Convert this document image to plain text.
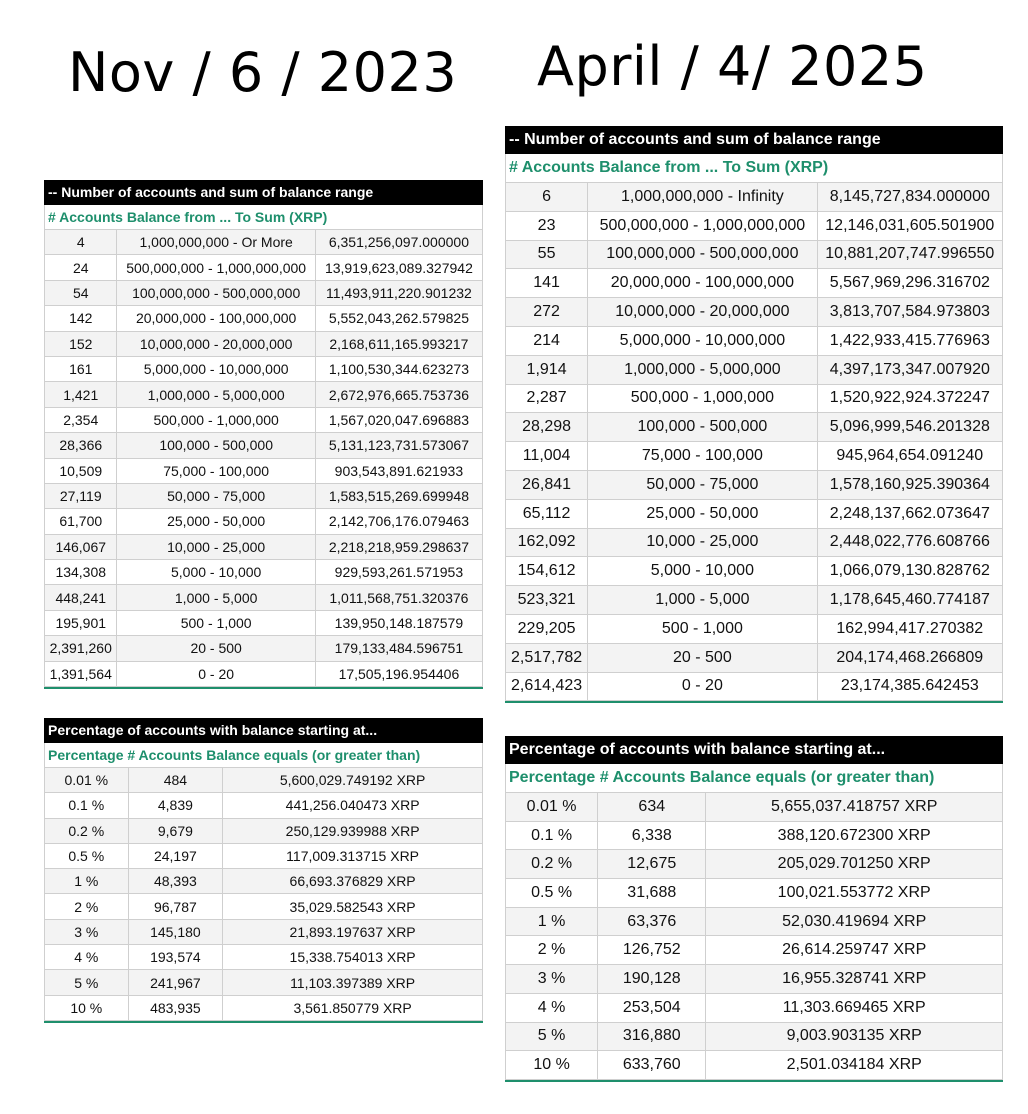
Nov / 6 / 2023 April / 4/ 2025
-- Number of accounts and sum of balance range
# Accounts Balance from ... To Sum (XRP)
4	1,000,000,000 - Or More	6,351,256,097.000000
24	500,000,000 - 1,000,000,000	13,919,623,089.327942
54	100,000,000 - 500,000,000	11,493,911,220.901232
142	20,000,000 - 100,000,000	5,552,043,262.579825
152	10,000,000 - 20,000,000	2,168,611,165.993217
161	5,000,000 - 10,000,000	1,100,530,344.623273
1,421	1,000,000 - 5,000,000	2,672,976,665.753736
2,354	500,000 - 1,000,000	1,567,020,047.696883
28,366	100,000 - 500,000	5,131,123,731.573067
10,509	75,000 - 100,000	903,543,891.621933
27,119	50,000 - 75,000	1,583,515,269.699948
61,700	25,000 - 50,000	2,142,706,176.079463
146,067	10,000 - 25,000	2,218,218,959.298637
134,308	5,000 - 10,000	929,593,261.571953
448,241	1,000 - 5,000	1,011,568,751.320376
195,901	500 - 1,000	139,950,148.187579
2,391,260	20 - 500	179,133,484.596751
1,391,564	0 - 20	17,505,196.954406
Percentage of accounts with balance starting at...
Percentage # Accounts Balance equals (or greater than)
0.01 %	484	5,600,029.749192 XRP
0.1 %	4,839	441,256.040473 XRP
0.2 %	9,679	250,129.939988 XRP
0.5 %	24,197	117,009.313715 XRP
1 %	48,393	66,693.376829 XRP
2 %	96,787	35,029.582543 XRP
3 %	145,180	21,893.197637 XRP
4 %	193,574	15,338.754013 XRP
5 %	241,967	11,103.397389 XRP
10 %	483,935	3,561.850779 XRP
-- Number of accounts and sum of balance range
# Accounts Balance from ... To Sum (XRP)
6	1,000,000,000 - Infinity	8,145,727,834.000000
23	500,000,000 - 1,000,000,000	12,146,031,605.501900
55	100,000,000 - 500,000,000	10,881,207,747.996550
141	20,000,000 - 100,000,000	5,567,969,296.316702
272	10,000,000 - 20,000,000	3,813,707,584.973803
214	5,000,000 - 10,000,000	1,422,933,415.776963
1,914	1,000,000 - 5,000,000	4,397,173,347.007920
2,287	500,000 - 1,000,000	1,520,922,924.372247
28,298	100,000 - 500,000	5,096,999,546.201328
11,004	75,000 - 100,000	945,964,654.091240
26,841	50,000 - 75,000	1,578,160,925.390364
65,112	25,000 - 50,000	2,248,137,662.073647
162,092	10,000 - 25,000	2,448,022,776.608766
154,612	5,000 - 10,000	1,066,079,130.828762
523,321	1,000 - 5,000	1,178,645,460.774187
229,205	500 - 1,000	162,994,417.270382
2,517,782	20 - 500	204,174,468.266809
2,614,423	0 - 20	23,174,385.642453
Percentage of accounts with balance starting at...
Percentage # Accounts Balance equals (or greater than)
0.01 %	634	5,655,037.418757 XRP
0.1 %	6,338	388,120.672300 XRP
0.2 %	12,675	205,029.701250 XRP
0.5 %	31,688	100,021.553772 XRP
1 %	63,376	52,030.419694 XRP
2 %	126,752	26,614.259747 XRP
3 %	190,128	16,955.328741 XRP
4 %	253,504	11,303.669465 XRP
5 %	316,880	9,003.903135 XRP
10 %	633,760	2,501.034184 XRP
